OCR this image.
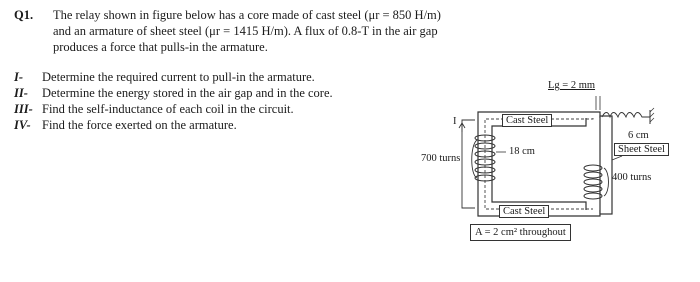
Q1. The relay shown in figure below has a core made of cast steel (μr = 850 H/m)
and an armature of sheet steel (μr = 1415 H/m). A flux of 0.8-T in the air gap
produces a force that pulls-in the armature.
I- Determine the required current to pull-in the armature.
II- Determine the energy stored in the air gap and in the core.
III- Find the self-inductance of each coil in the circuit.
IV- Find the force exerted on the armature.
Lg = 2 mm
I	Cast Steel
18 cm
700 turns
6 cm
Sheet Steel
400 turns
Cast Steel
A = 2 cm² throughout
